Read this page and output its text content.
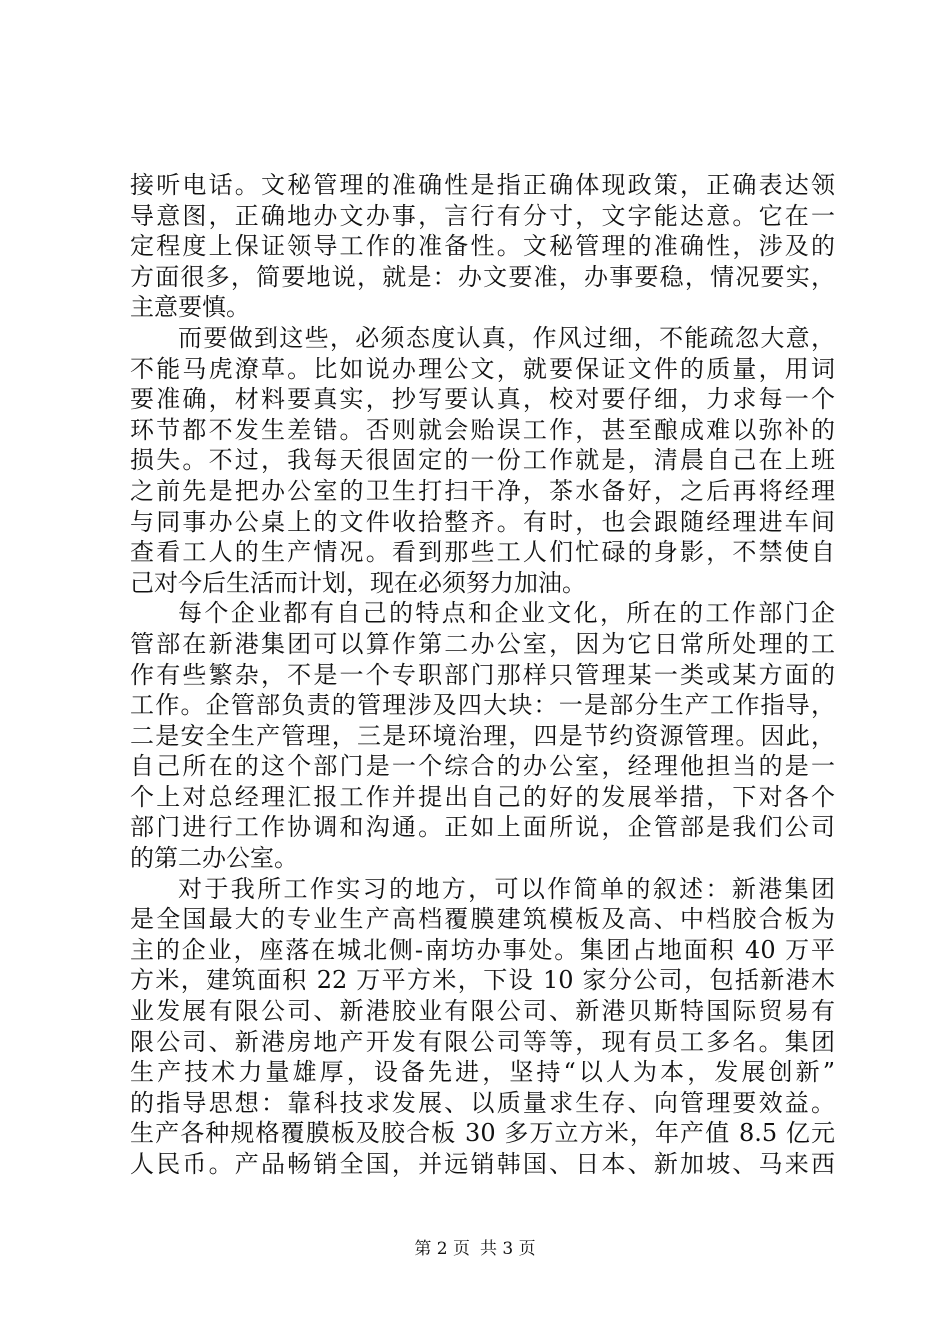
接听电话。文秘管理的准确性是指正确体现政策，正确表达领
导意图，正确地办文办事，言行有分寸，文字能达意。它在一
定程度上保证领导工作的准备性。文秘管理的准确性，涉及的
方面很多，简要地说，就是：办文要准，办事要稳，情况要实，
主意要慎。
而要做到这些，必须态度认真，作风过细，不能疏忽大意，
不能马虎潦草。比如说办理公文，就要保证文件的质量，用词
要准确，材料要真实，抄写要认真，校对要仔细，力求每一个
环节都不发生差错。否则就会贻误工作，甚至酿成难以弥补的
损失。不过，我每天很固定的一份工作就是，清晨自己在上班
之前先是把办公室的卫生打扫干净，茶水备好，之后再将经理
与同事办公桌上的文件收拾整齐。有时，也会跟随经理进车间
查看工人的生产情况。看到那些工人们忙碌的身影，不禁使自
己对今后生活而计划，现在必须努力加油。
每个企业都有自己的特点和企业文化，所在的工作部门企
管部在新港集团可以算作第二办公室，因为它日常所处理的工
作有些繁杂，不是一个专职部门那样只管理某一类或某方面的
工作。企管部负责的管理涉及四大块：一是部分生产工作指导，
二是安全生产管理，三是环境治理，四是节约资源管理。因此，
自己所在的这个部门是一个综合的办公室，经理他担当的是一
个上对总经理汇报工作并提出自己的好的发展举措，下对各个
部门进行工作协调和沟通。正如上面所说，企管部是我们公司
的第二办公室。
对于我所工作实习的地方，可以作简单的叙述：新港集团
是全国最大的专业生产高档覆膜建筑模板及高、中档胶合板为
主的企业，座落在城北侧-南坊办事处。集团占地面积 40 万平
方米，建筑面积 22 万平方米，下设 10 家分公司，包括新港木
业发展有限公司、新港胶业有限公司、新港贝斯特国际贸易有
限公司、新港房地产开发有限公司等等，现有员工多名。集团
生产技术力量雄厚，设备先进，坚持“以人为本，发展创新”
的指导思想：靠科技求发展、以质量求生存、向管理要效益。
生产各种规格覆膜板及胶合板 30 多万立方米，年产值 8.5 亿元
人民币。产品畅销全国，并远销韩国、日本、新加坡、马来西
第 2 页 共 3 页
